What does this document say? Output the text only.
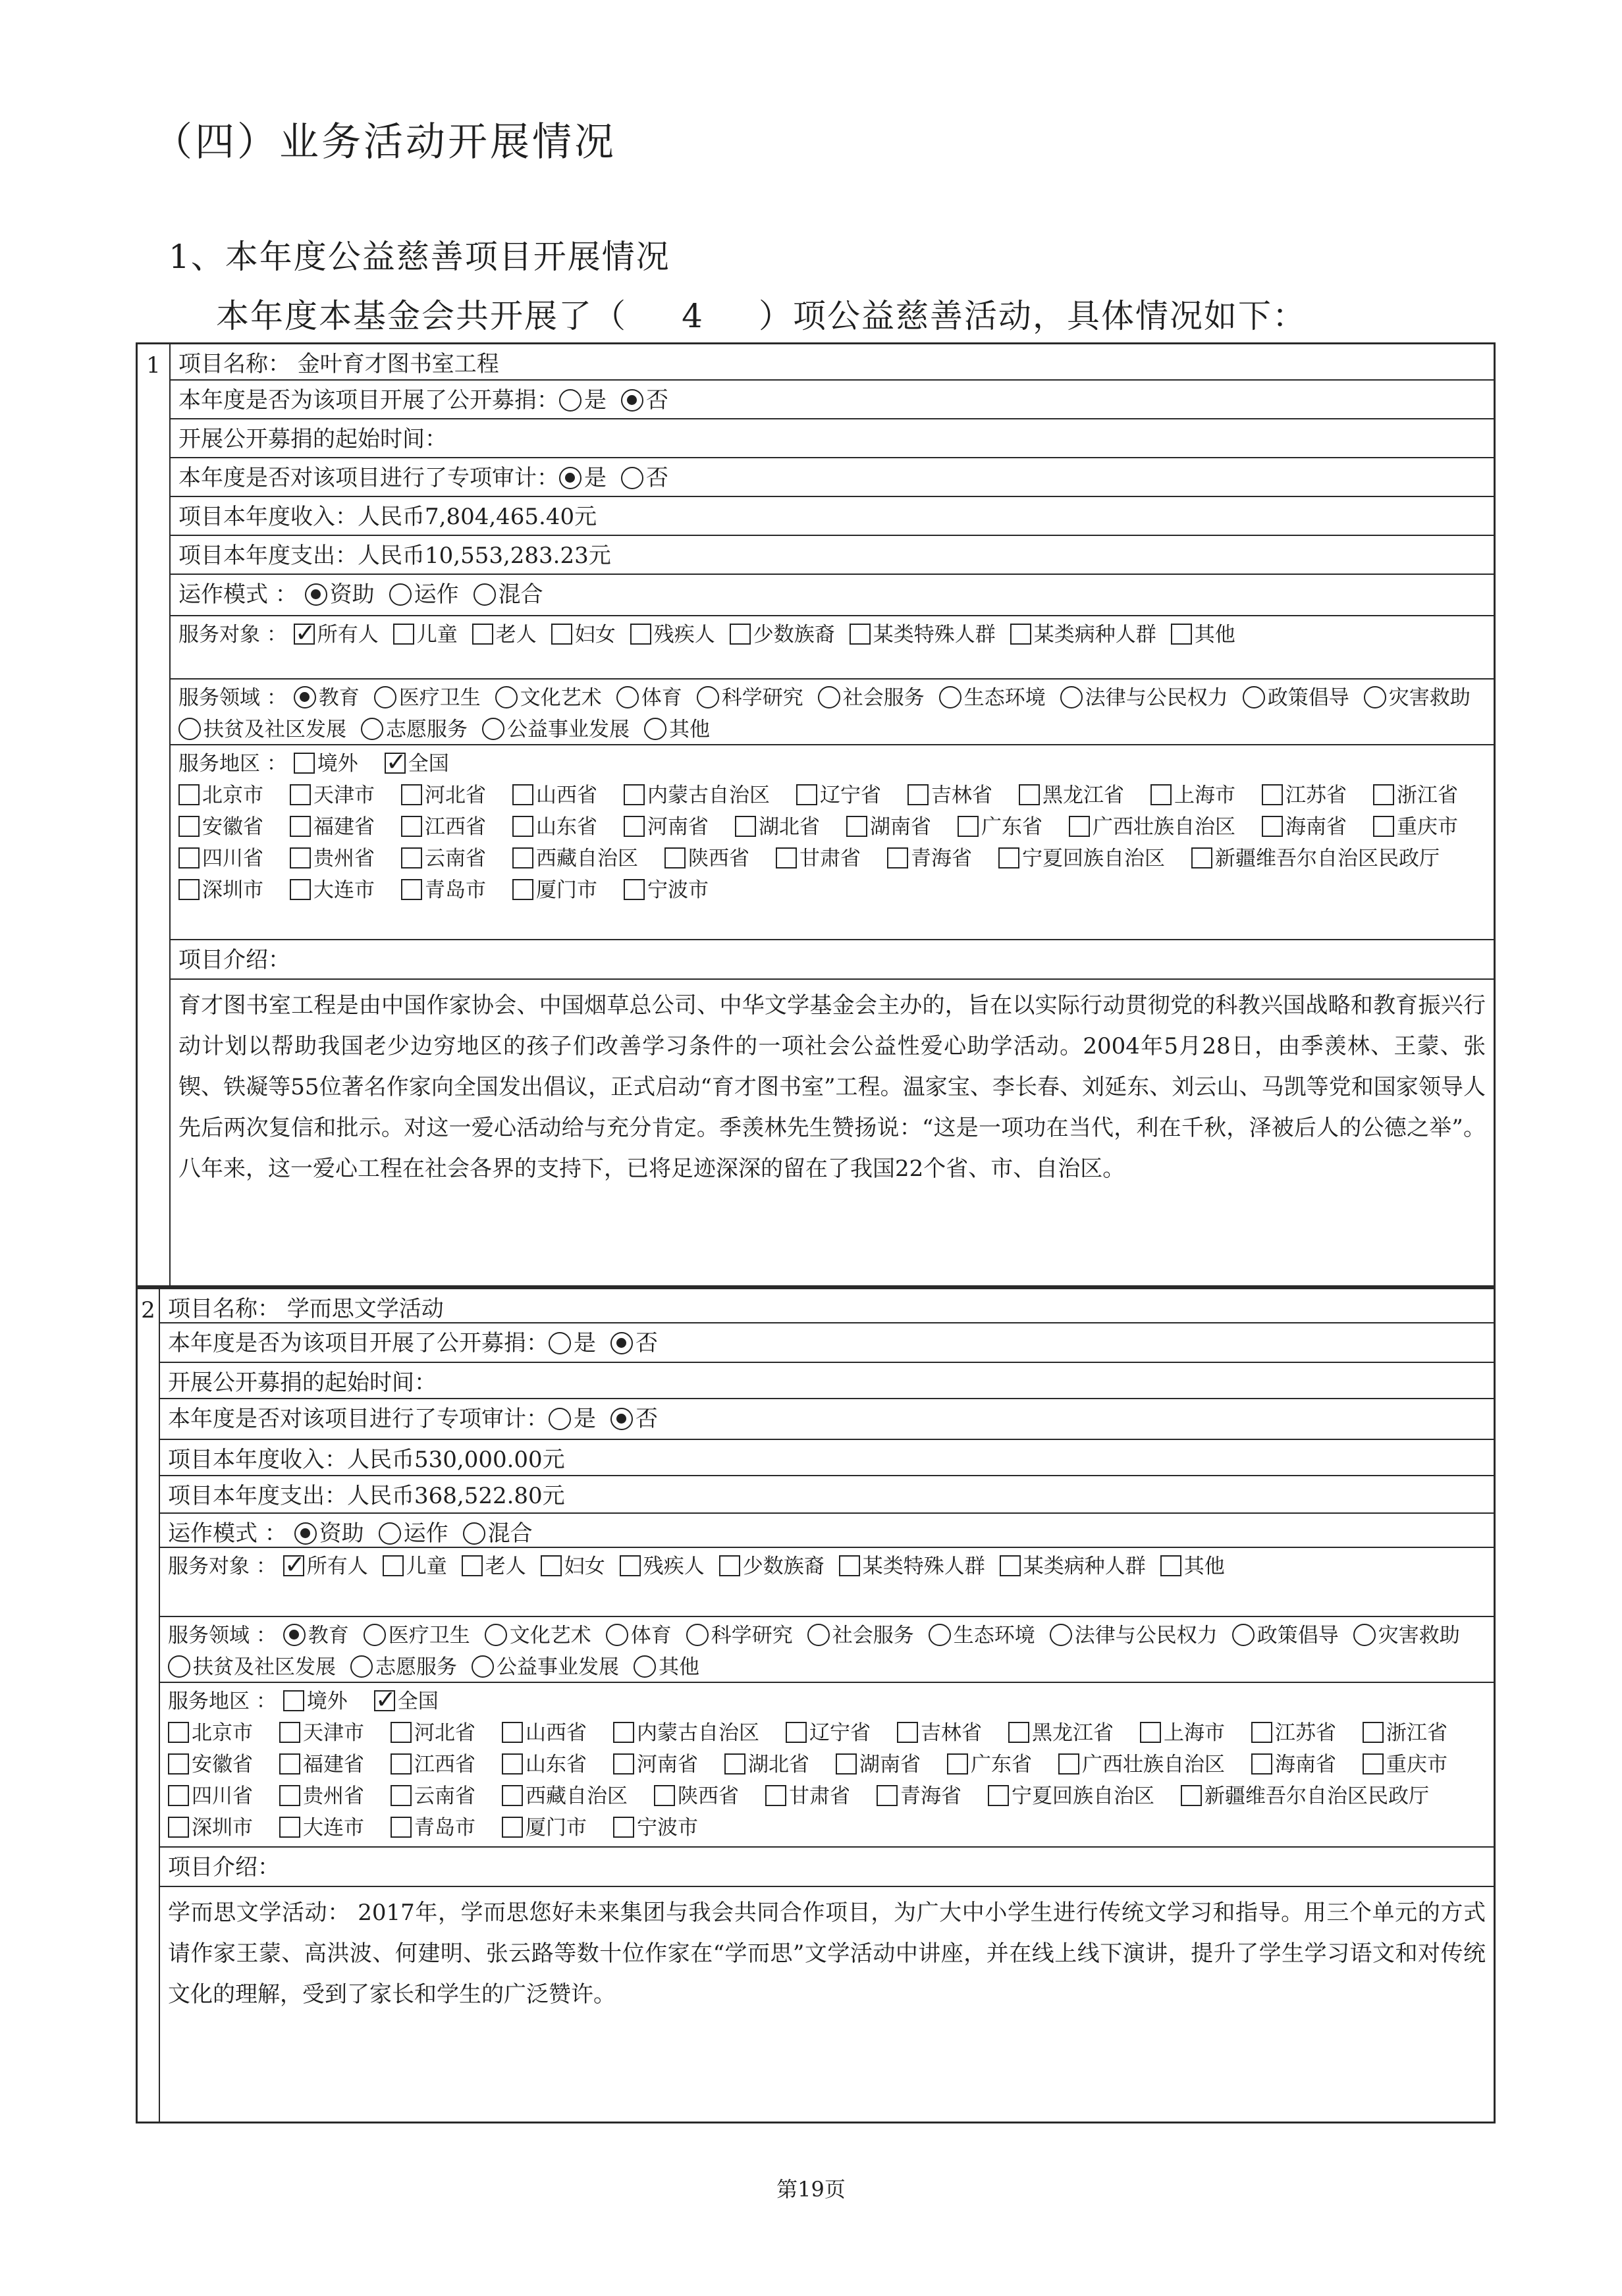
（四）业务活动开展情况
1、本年度公益慈善项目开展情况
本年度本基金会共开展了（ 4 ）项公益慈善活动，具体情况如下：
1 项目名称： 金叶育才图书室工程
本年度是否为该项目开展了公开募捐： 是 否
开展公开募捐的起始时间：
本年度是否对该项目进行了专项审计： 是 否
项目本年度收入：人民币7,804,465.40元
项目本年度支出：人民币10,553,283.23元
运作模式 ： 资助 运作 混合
服务对象 ： ✓ 所有人 儿童 老人 妇女 残疾人 少数族裔 某类特殊人群 某类病种人群 其他
服务领域 ： 教育 医疗卫生 文化艺术 体育 科学研究 社会服务 生态环境 法律与公民权力 政策倡导 灾害救助扶贫及社区发展 志愿服务 公益事业发展 其他
服务地区 ： 境外 ✓ 全国
北京市 天津市 河北省 山西省 内蒙古自治区 辽宁省 吉林省 黑龙江省 上海市 江苏省 浙江省安徽省 福建省 江西省 山东省 河南省 湖北省 湖南省 广东省 广西壮族自治区 海南省 重庆市四川省 贵州省 云南省 西藏自治区 陕西省 甘肃省 青海省 宁夏回族自治区 新疆维吾尔自治区民政厅深圳市 大连市 青岛市 厦门市 宁波市
项目介绍：
育才图书室工程是由中国作家协会、中国烟草总公司、中华文学基金会主办的，旨在以实际行动贯彻党的科教兴国战略和教育振兴行动计划以帮助我国老少边穷地区的孩子们改善学习条件的一项社会公益性爱心助学活动。2004年5月28日，由季羡林、王蒙、张锲、铁凝等55位著名作家向全国发出倡议，正式启动“育才图书室”工程。温家宝、李长春、刘延东、刘云山、马凯等党和国家领导人先后两次复信和批示。对这一爱心活动给与充分肯定。季羡林先生赞扬说：“这是一项功在当代，利在千秋，泽被后人的公德之举”。八年来，这一爱心工程在社会各界的支持下，已将足迹深深的留在了我国22个省、市、自治区。
2 项目名称： 学而思文学活动
本年度是否为该项目开展了公开募捐： 是 否
开展公开募捐的起始时间：
本年度是否对该项目进行了专项审计： 是 否
项目本年度收入：人民币530,000.00元
项目本年度支出：人民币368,522.80元
运作模式 ： 资助 运作 混合
服务对象 ： ✓ 所有人 儿童 老人 妇女 残疾人 少数族裔 某类特殊人群 某类病种人群 其他
服务领域 ： 教育 医疗卫生 文化艺术 体育 科学研究 社会服务 生态环境 法律与公民权力 政策倡导 灾害救助扶贫及社区发展 志愿服务 公益事业发展 其他
服务地区 ： 境外 ✓ 全国
北京市 天津市 河北省 山西省 内蒙古自治区 辽宁省 吉林省 黑龙江省 上海市 江苏省 浙江省安徽省 福建省 江西省 山东省 河南省 湖北省 湖南省 广东省 广西壮族自治区 海南省 重庆市四川省 贵州省 云南省 西藏自治区 陕西省 甘肃省 青海省 宁夏回族自治区 新疆维吾尔自治区民政厅深圳市 大连市 青岛市 厦门市 宁波市
项目介绍：
学而思文学活动： 2017年，学而思您好未来集团与我会共同合作项目，为广大中小学生进行传统文学习和指导。用三个单元的方式请作家王蒙、高洪波、何建明、张云路等数十位作家在“学而思”文学活动中讲座，并在线上线下演讲，提升了学生学习语文和对传统文化的理解，受到了家长和学生的广泛赞许。
第19页
